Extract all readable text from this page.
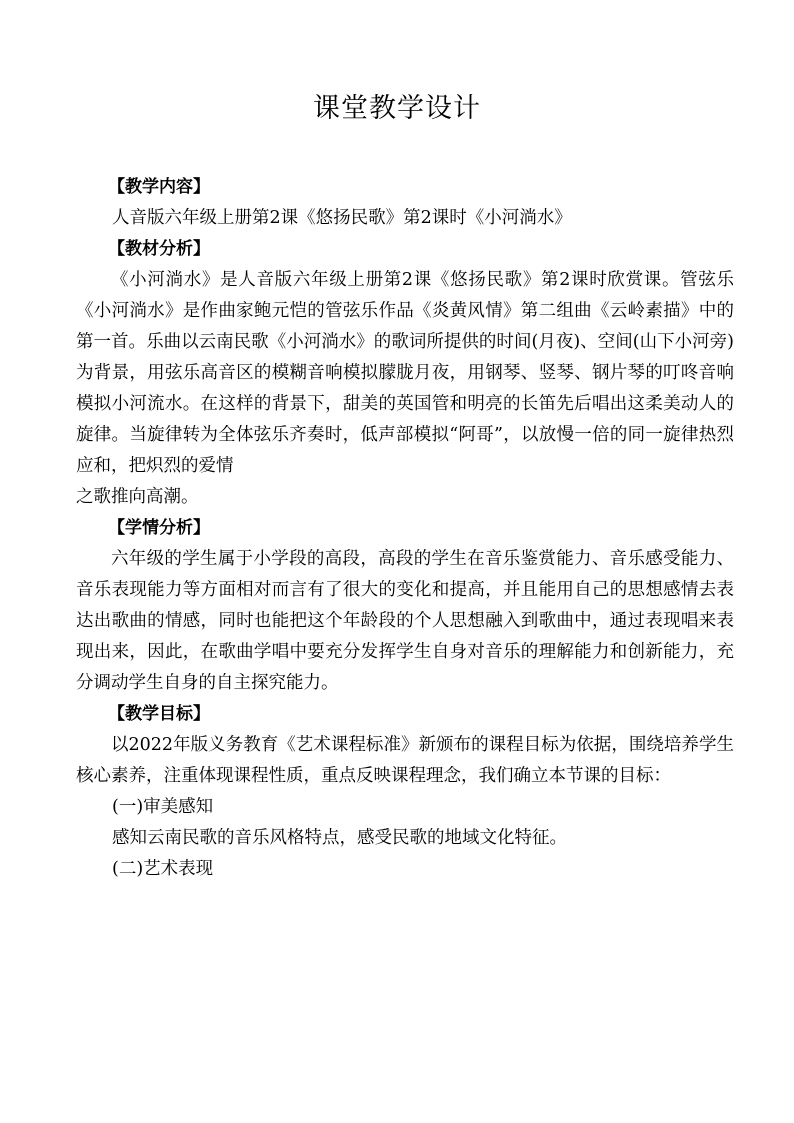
课堂教学设计

【教学内容】

人音版六年级上册第2课《悠扬民歌》第2课时《小河淌水》

【教材分析】

《小河淌水》是人音版六年级上册第2课《悠扬民歌》第2课时欣赏课。管弦乐《小河淌水》是作曲家鲍元恺的管弦乐作品《炎黄风情》第二组曲《云岭素描》中的第一首。乐曲以云南民歌《小河淌水》的歌词所提供的时间(月夜)、空间(山下小河旁)为背景，用弦乐高音区的模糊音响模拟朦胧月夜，用钢琴、竖琴、钢片琴的叮咚音响模拟小河流水。在这样的背景下，甜美的英国管和明亮的长笛先后唱出这柔美动人的旋律。当旋律转为全体弦乐齐奏时，低声部模拟“阿哥”，以放慢一倍的同一旋律热烈应和，把炽烈的爱情

之歌推向高潮。

【学情分析】

六年级的学生属于小学段的高段，高段的学生在音乐鉴赏能力、音乐感受能力、音乐表现能力等方面相对而言有了很大的变化和提高，并且能用自己的思想感情去表达出歌曲的情感，同时也能把这个年龄段的个人思想融入到歌曲中，通过表现唱来表现出来，因此，在歌曲学唱中要充分发挥学生自身对音乐的理解能力和创新能力，充分调动学生自身的自主探究能力。

【教学目标】

以2022年版义务教育《艺术课程标准》新颁布的课程目标为依据，围绕培养学生核心素养，注重体现课程性质，重点反映课程理念，我们确立本节课的目标：

(一)审美感知

感知云南民歌的音乐风格特点，感受民歌的地域文化特征。

(二)艺术表现
